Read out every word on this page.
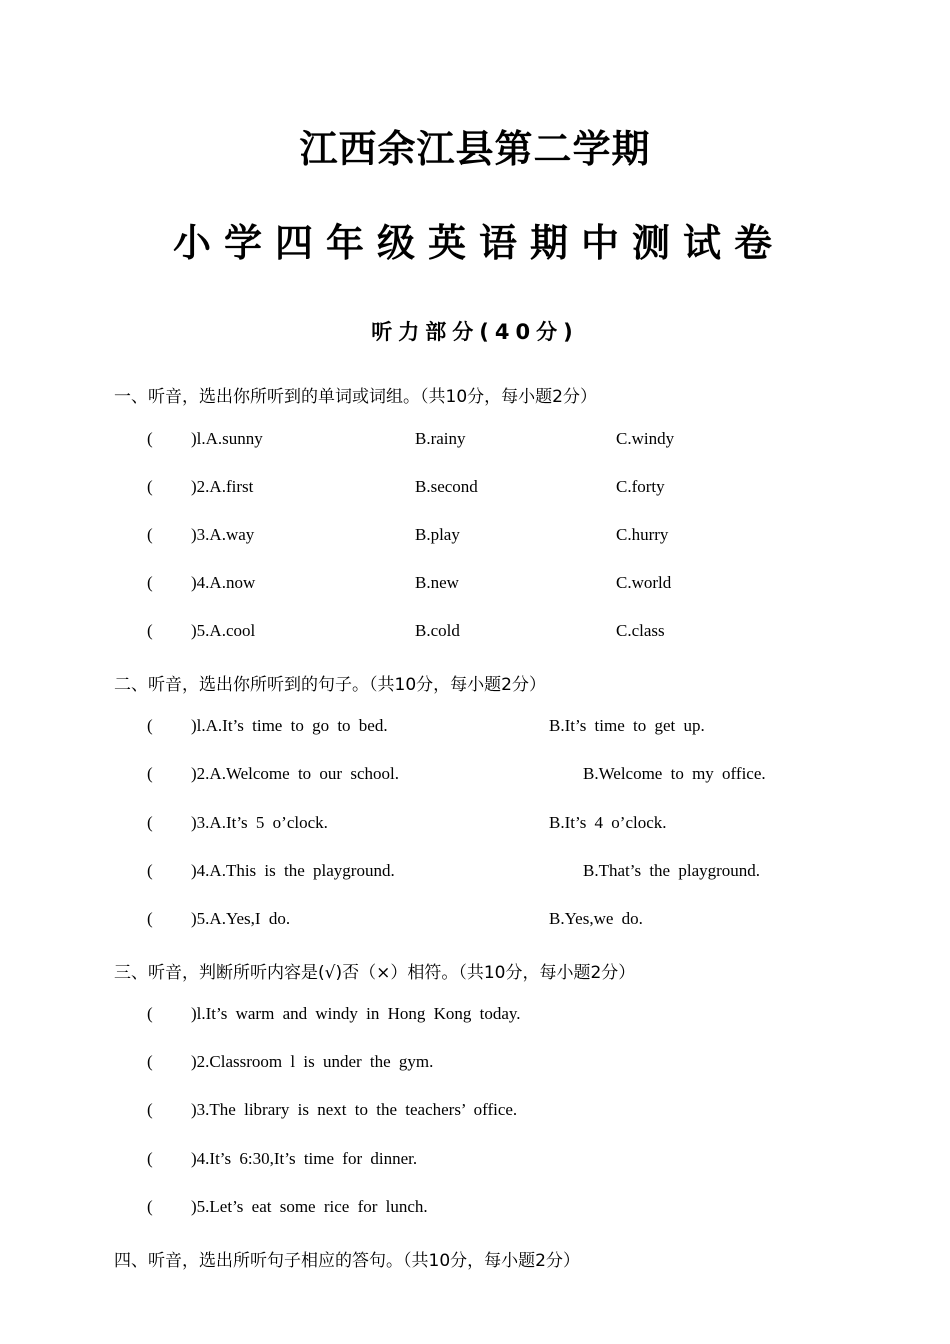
江西余江县第二学期
小学四年级英语期中测试卷
听力部分(40分)
一、听音，选出你所听到的单词或词组。（共10分，每小题2分）
( )l.A.sunny	B.rainy	C.windy
( )2.A.first	B.second	C.forty
( )3.A.way	B.play	C.hurry
( )4.A.now	B.new	C.world
( )5.A.cool	B.cold	C.class
二、听音，选出你所听到的句子。（共10分，每小题2分）
( )l.A.It’s time to go to bed.	B.It’s time to get up.
( )2.A.Welcome to our school.	B.Welcome to my office.
( )3.A.It’s 5 o’clock.	B.It’s 4 o’clock.
( )4.A.This is the playground.	B.That’s the playground.
( )5.A.Yes,I do.	B.Yes,we do.
三、听音，判断所听内容是(√)否（×）相符。（共10分，每小题2分）
( )l.It’s warm and windy in Hong Kong today.
( )2.Classroom l is under the gym.
( )3.The library is next to the teachers’ office.
( )4.It’s 6:30,It’s time for dinner.
( )5.Let’s eat some rice for lunch.
四、听音，选出所听句子相应的答句。（共10分，每小题2分）
